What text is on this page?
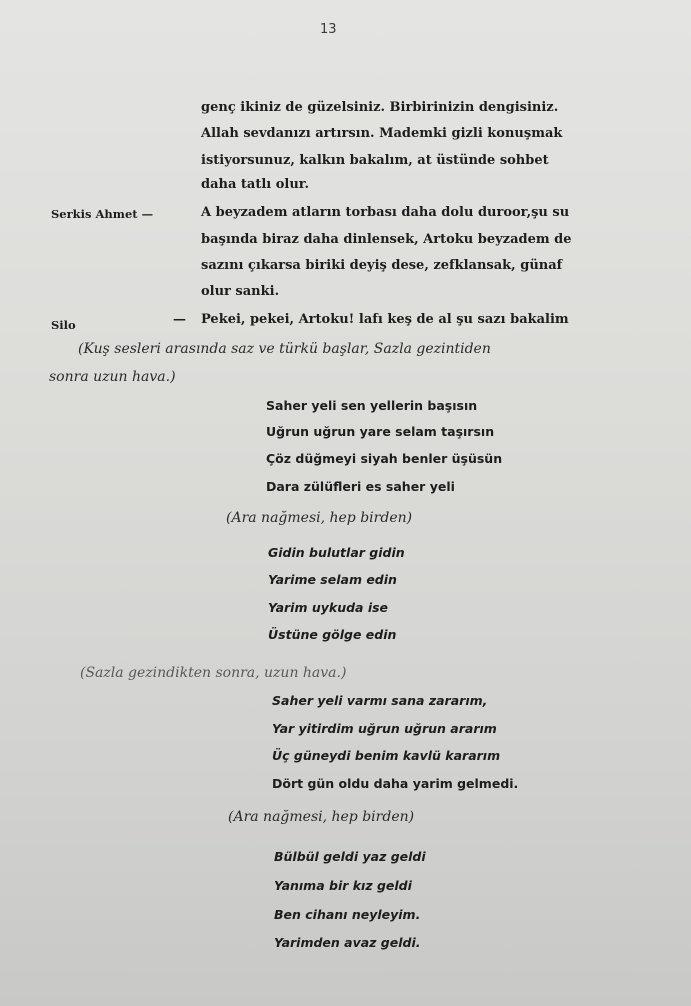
13
genç ikiniz de güzelsiniz. Birbirinizin dengisiniz.
Allah sevdanızı artırsın. Mademki gizli konuşmak
istiyorsunuz, kalkın bakalım, at üstünde sohbet
daha tatlı olur.
Serkis Ahmet —	A beyzadem atların torbası daha dolu duroor,şu su
başında biraz daha dinlensek, Artoku beyzadem de
sazını çıkarsa biriki deyiş dese, zefklansak, günaf
olur sanki.
Silo	— Pekei, pekei, Artoku! lafı keş de al şu sazı bakalim
(Kuş sesleri arasında saz ve türkü başlar, Sazla gezintiden
sonra uzun hava.)
Saher yeli sen yellerin başısın
Uğrun uğrun yare selam taşırsın
Çöz düğmeyi siyah benler üşüsün
Dara zülüfleri es saher yeli
(Ara nağmesi, hep birden)
Gidin bulutlar gidin
Yarime selam edin
Yarim uykuda ise
Üstüne gölge edin
(Sazla gezindikten sonra, uzun hava.)
Saher yeli varmı sana zararım,
Yar yitirdim uğrun uğrun ararım
Üç güneydi benim kavlü kararım
Dört gün oldu daha yarim gelmedi.
(Ara nağmesi, hep birden)
Bülbül geldi yaz geldi
Yanıma bir kız geldi
Ben cihanı neyleyim.
Yarimden avaz geldi.
